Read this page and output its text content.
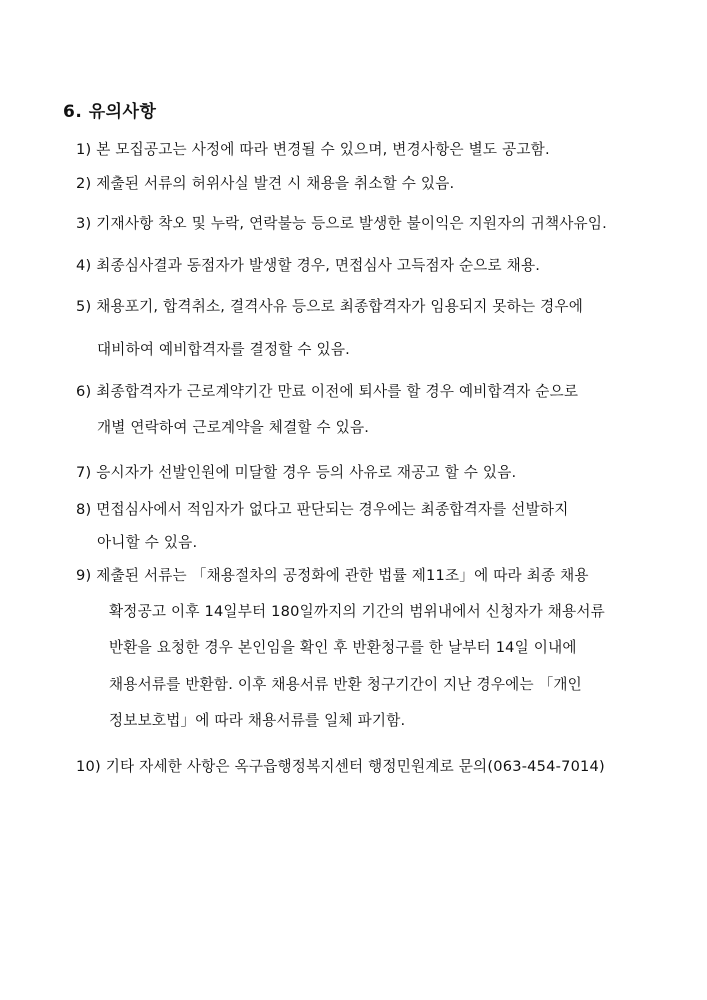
6. 유의사항
1) 본 모집공고는 사정에 따라 변경될 수 있으며, 변경사항은 별도 공고함.
2) 제출된 서류의 허위사실 발견 시 채용을 취소할 수 있음.
3) 기재사항 착오 및 누락, 연락불능 등으로 발생한 불이익은 지원자의 귀책사유임.
4) 최종심사결과 동점자가 발생할 경우, 면접심사 고득점자 순으로 채용.
5) 채용포기, 합격취소, 결격사유 등으로 최종합격자가 임용되지 못하는 경우에
대비하여 예비합격자를 결정할 수 있음.
6) 최종합격자가 근로계약기간 만료 이전에 퇴사를 할 경우 예비합격자 순으로
개별 연락하여 근로계약을 체결할 수 있음.
7) 응시자가 선발인원에 미달할 경우 등의 사유로 재공고 할 수 있음.
8) 면접심사에서 적임자가 없다고 판단되는 경우에는 최종합격자를 선발하지
아니할 수 있음.
9) 제출된 서류는 「채용절차의 공정화에 관한 법률 제11조」에 따라 최종 채용
확정공고 이후 14일부터 180일까지의 기간의 범위내에서 신청자가 채용서류
반환을 요청한 경우 본인임을 확인 후 반환청구를 한 날부터 14일 이내에
채용서류를 반환함. 이후 채용서류 반환 청구기간이 지난 경우에는 「개인
정보보호법」에 따라 채용서류를 일체 파기함.
10) 기타 자세한 사항은 옥구읍행정복지센터 행정민원계로 문의(063-454-7014)
